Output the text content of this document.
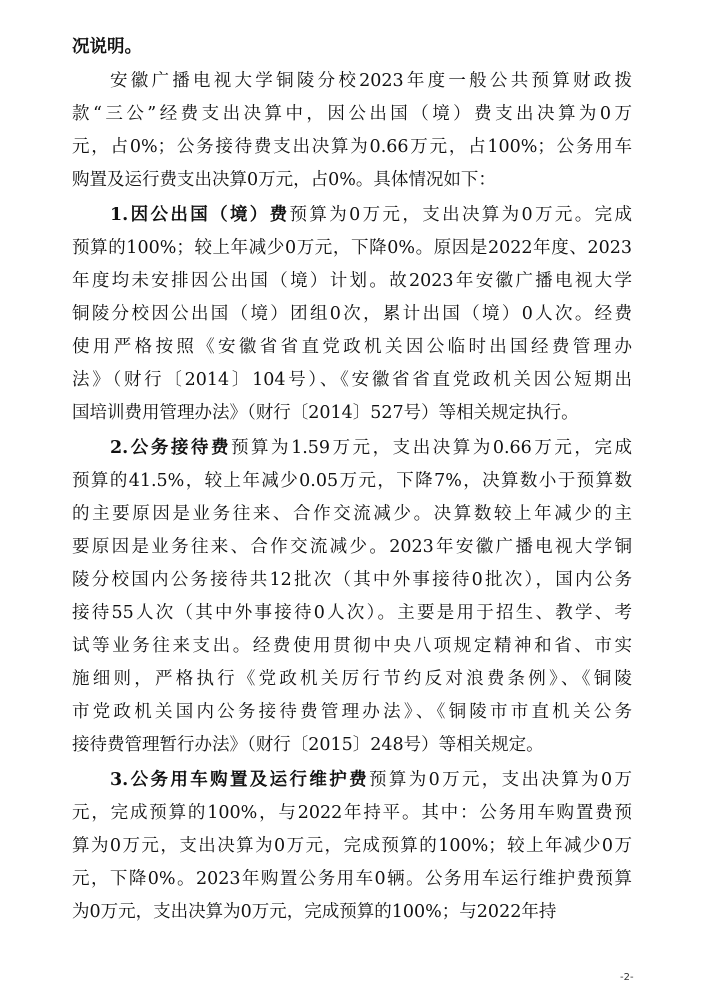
况说明。
安徽广播电视大学铜陵分校2023年度一般公共预算财政拨
款“三公”经费支出决算中，因公出国（境）费支出决算为0万
元，占0%；公务接待费支出决算为0.66万元，占100%；公务用车
购置及运行费支出决算0万元，占0%。具体情况如下：
1.因公出国（境）费预算为0万元，支出决算为0万元。完成
预算的100%；较上年减少0万元，下降0%。原因是2022年度、2023
年度均未安排因公出国（境）计划。故2023年安徽广播电视大学
铜陵分校因公出国（境）团组0次，累计出国（境）0人次。经费
使用严格按照《安徽省省直党政机关因公临时出国经费管理办
法》（财行〔2014〕104号）、《安徽省省直党政机关因公短期出
国培训费用管理办法》（财行〔2014〕527号）等相关规定执行。
2.公务接待费预算为1.59万元，支出决算为0.66万元，完成
预算的41.5%，较上年减少0.05万元，下降7%，决算数小于预算数
的主要原因是业务往来、合作交流减少。决算数较上年减少的主
要原因是业务往来、合作交流减少。2023年安徽广播电视大学铜
陵分校国内公务接待共12批次（其中外事接待0批次），国内公务
接待55人次（其中外事接待0人次）。主要是用于招生、教学、考
试等业务往来支出。经费使用贯彻中央八项规定精神和省、市实
施细则，严格执行《党政机关厉行节约反对浪费条例》、《铜陵
市党政机关国内公务接待费管理办法》、《铜陵市市直机关公务
接待费管理暂行办法》（财行〔2015〕248号）等相关规定。
3.公务用车购置及运行维护费预算为0万元，支出决算为0万
元，完成预算的100%，与2022年持平。其中：公务用车购置费预
算为0万元，支出决算为0万元，完成预算的100%；较上年减少0万
元，下降0%。2023年购置公务用车0辆。公务用车运行维护费预算
为0万元，支出决算为0万元，完成预算的100%；与2022年持
-2-
